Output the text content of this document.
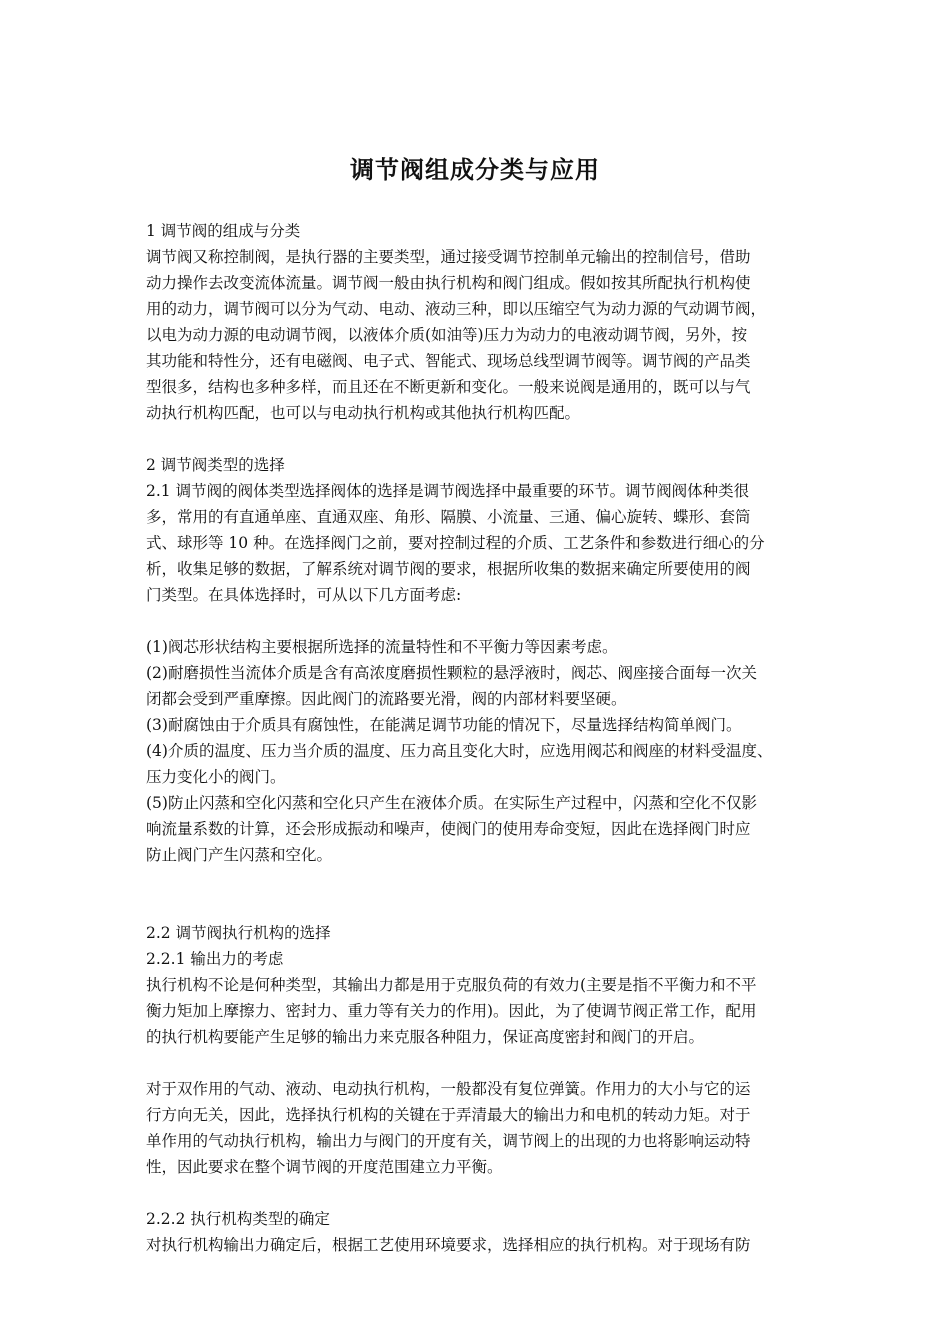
调节阀组成分类与应用
1 调节阀的组成与分类
调节阀又称控制阀，是执行器的主要类型，通过接受调节控制单元输出的控制信号，借助
动力操作去改变流体流量。调节阀一般由执行机构和阀门组成。假如按其所配执行机构使
用的动力，调节阀可以分为气动、电动、液动三种，即以压缩空气为动力源的气动调节阀，
以电为动力源的电动调节阀，以液体介质(如油等)压力为动力的电液动调节阀，另外，按
其功能和特性分，还有电磁阀、电子式、智能式、现场总线型调节阀等。调节阀的产品类
型很多，结构也多种多样，而且还在不断更新和变化。一般来说阀是通用的，既可以与气
动执行机构匹配，也可以与电动执行机构或其他执行机构匹配。
2 调节阀类型的选择
2.1 调节阀的阀体类型选择阀体的选择是调节阀选择中最重要的环节。调节阀阀体种类很
多，常用的有直通单座、直通双座、角形、隔膜、小流量、三通、偏心旋转、蝶形、套筒
式、球形等 10 种。在选择阀门之前，要对控制过程的介质、工艺条件和参数进行细心的分
析，收集足够的数据，了解系统对调节阀的要求，根据所收集的数据来确定所要使用的阀
门类型。在具体选择时，可从以下几方面考虑:
(1)阀芯形状结构主要根据所选择的流量特性和不平衡力等因素考虑。
(2)耐磨损性当流体介质是含有高浓度磨损性颗粒的悬浮液时，阀芯、阀座接合面每一次关
闭都会受到严重摩擦。因此阀门的流路要光滑，阀的内部材料要坚硬。
(3)耐腐蚀由于介质具有腐蚀性，在能满足调节功能的情况下，尽量选择结构简单阀门。
(4)介质的温度、压力当介质的温度、压力高且变化大时，应选用阀芯和阀座的材料受温度、
压力变化小的阀门。
(5)防止闪蒸和空化闪蒸和空化只产生在液体介质。在实际生产过程中，闪蒸和空化不仅影
响流量系数的计算，还会形成振动和噪声，使阀门的使用寿命变短，因此在选择阀门时应
防止阀门产生闪蒸和空化。
2.2 调节阀执行机构的选择
2.2.1 输出力的考虑
执行机构不论是何种类型，其输出力都是用于克服负荷的有效力(主要是指不平衡力和不平
衡力矩加上摩擦力、密封力、重力等有关力的作用)。因此，为了使调节阀正常工作，配用
的执行机构要能产生足够的输出力来克服各种阻力，保证高度密封和阀门的开启。
对于双作用的气动、液动、电动执行机构，一般都没有复位弹簧。作用力的大小与它的运
行方向无关，因此，选择执行机构的关键在于弄清最大的输出力和电机的转动力矩。对于
单作用的气动执行机构，输出力与阀门的开度有关，调节阀上的出现的力也将影响运动特
性，因此要求在整个调节阀的开度范围建立力平衡。
2.2.2 执行机构类型的确定
对执行机构输出力确定后，根据工艺使用环境要求，选择相应的执行机构。对于现场有防
